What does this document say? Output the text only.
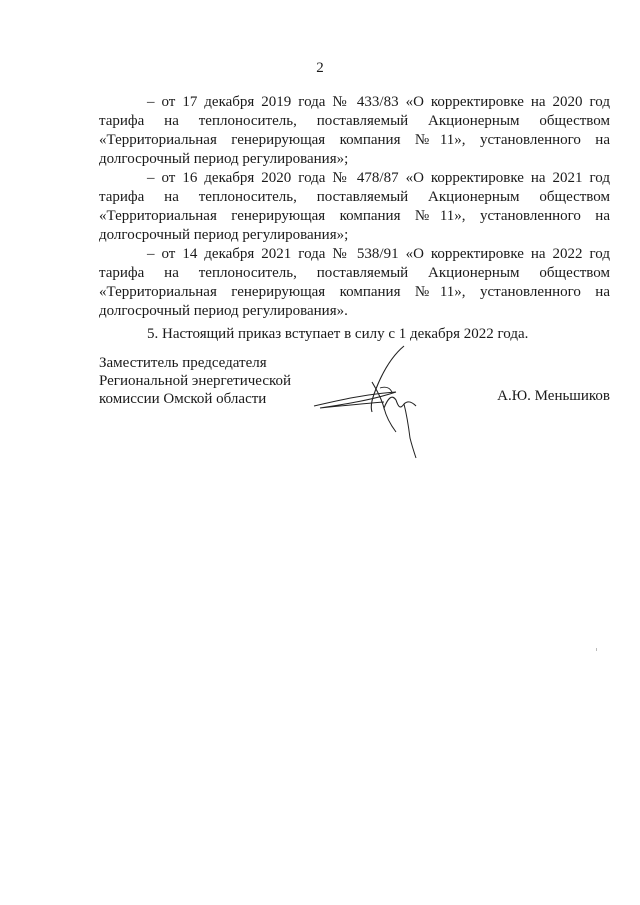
2
– от 17 декабря 2019 года № 433/83 «О корректировке на 2020 год
тарифа на теплоноситель, поставляемый Акционерным обществом
«Территориальная генерирующая компания №11», установленного на
долгосрочный период регулирования»;
– от 16 декабря 2020 года № 478/87 «О корректировке на 2021 год
тарифа на теплоноситель, поставляемый Акционерным обществом
«Территориальная генерирующая компания №11», установленного на
долгосрочный период регулирования»;
– от 14 декабря 2021 года № 538/91 «О корректировке на 2022 год
тарифа на теплоноситель, поставляемый Акционерным обществом
«Территориальная генерирующая компания №11», установленного на
долгосрочный период регулирования».
5. Настоящий приказ вступает в силу с 1 декабря 2022 года.
Заместитель председателя
Региональной энергетической
комиссии Омской области	А.Ю. Меньшиков
